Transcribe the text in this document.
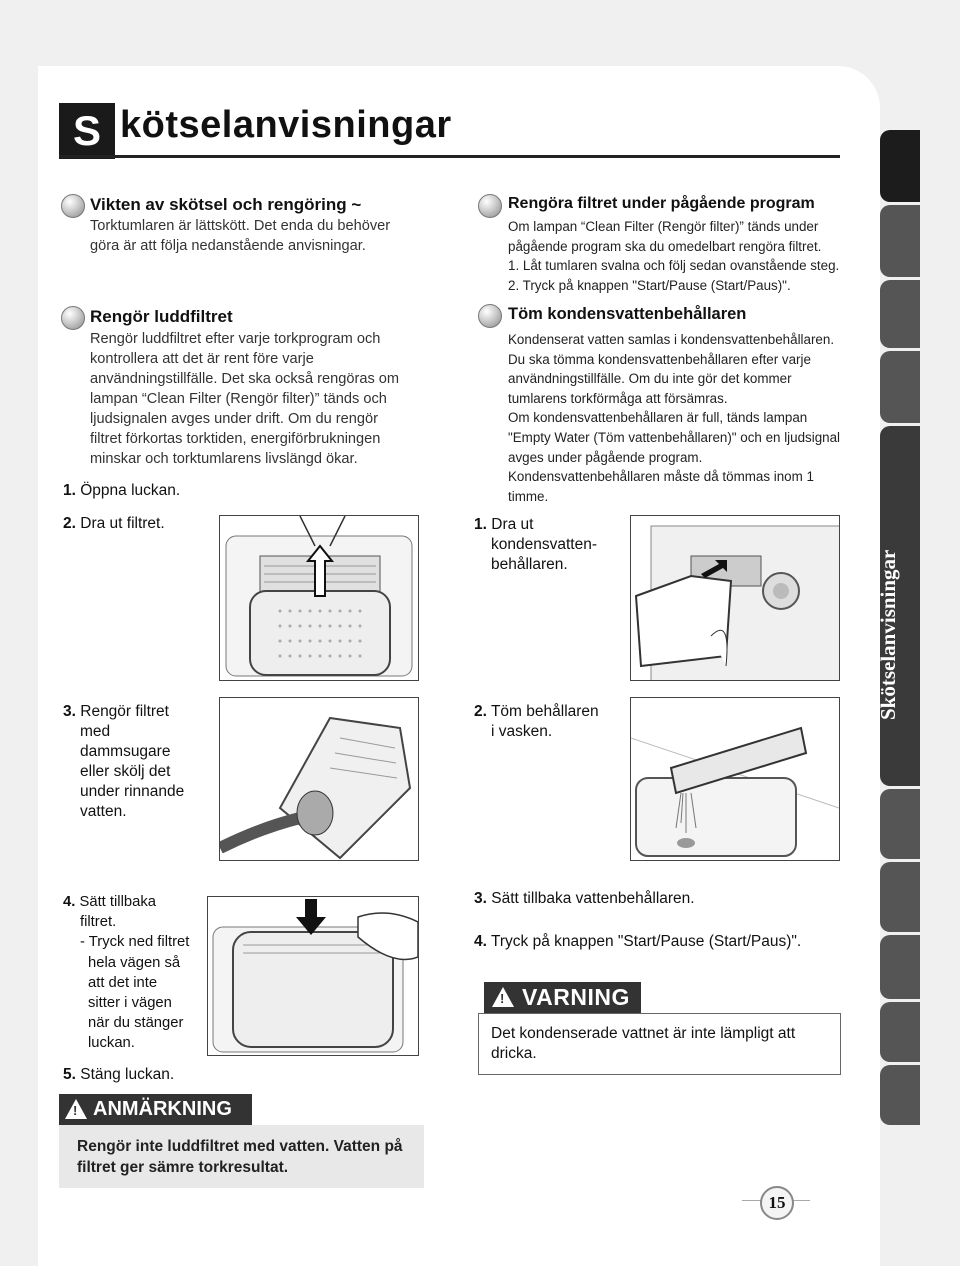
Skötselanvisningar
S kötselanvisningar
Vikten av skötsel och rengöring ~
Torktumlaren är lättskött. Det enda du behöver
göra är att följa nedanstående anvisningar.
Rengör luddfiltret
Rengör luddfiltret efter varje torkprogram och
kontrollera att det är rent före varje
användningstillfälle. Det ska också rengöras om
lampan “Clean Filter (Rengör filter)” tänds och
ljudsignalen avges under drift. Om du rengör
filtret förkortas torktiden, energiförbrukningen
minskar och torktumlarens livslängd ökar.
1. Öppna luckan.
2. Dra ut filtret.
3. Rengör filtret
med
dammsugare
eller skölj det
under rinnande
vatten.
4. Sätt tillbaka
filtret.
- Tryck ned filtret
hela vägen så
att det inte
sitter i vägen
när du stänger
luckan.
5. Stäng luckan.
! ANMÄRKNING
Rengör inte luddfiltret med vatten. Vatten på
filtret ger sämre torkresultat.
Rengöra filtret under pågående program
Om lampan “Clean Filter (Rengör filter)” tänds under
pågående program ska du omedelbart rengöra filtret.
1. Låt tumlaren svalna och följ sedan ovanstående steg.
2. Tryck på knappen "Start/Pause (Start/Paus)".
Töm kondensvattenbehållaren
Kondenserat vatten samlas i kondensvattenbehållaren.
Du ska tömma kondensvattenbehållaren efter varje
användningstillfälle. Om du inte gör det kommer
tumlarens torkförmåga att försämras.
Om kondensvattenbehållaren är full, tänds lampan
"Empty Water (Töm vattenbehållaren)" och en ljudsignal
avges under pågående program.
Kondensvattenbehållaren måste då tömmas inom 1
timme.
1. Dra ut
kondensvatten-
behållaren.
2. Töm behållaren
i vasken.
3. Sätt tillbaka vattenbehållaren.
4. Tryck på knappen "Start/Pause (Start/Paus)".
! VARNING
Det kondenserade vattnet är inte lämpligt att
dricka.
15
